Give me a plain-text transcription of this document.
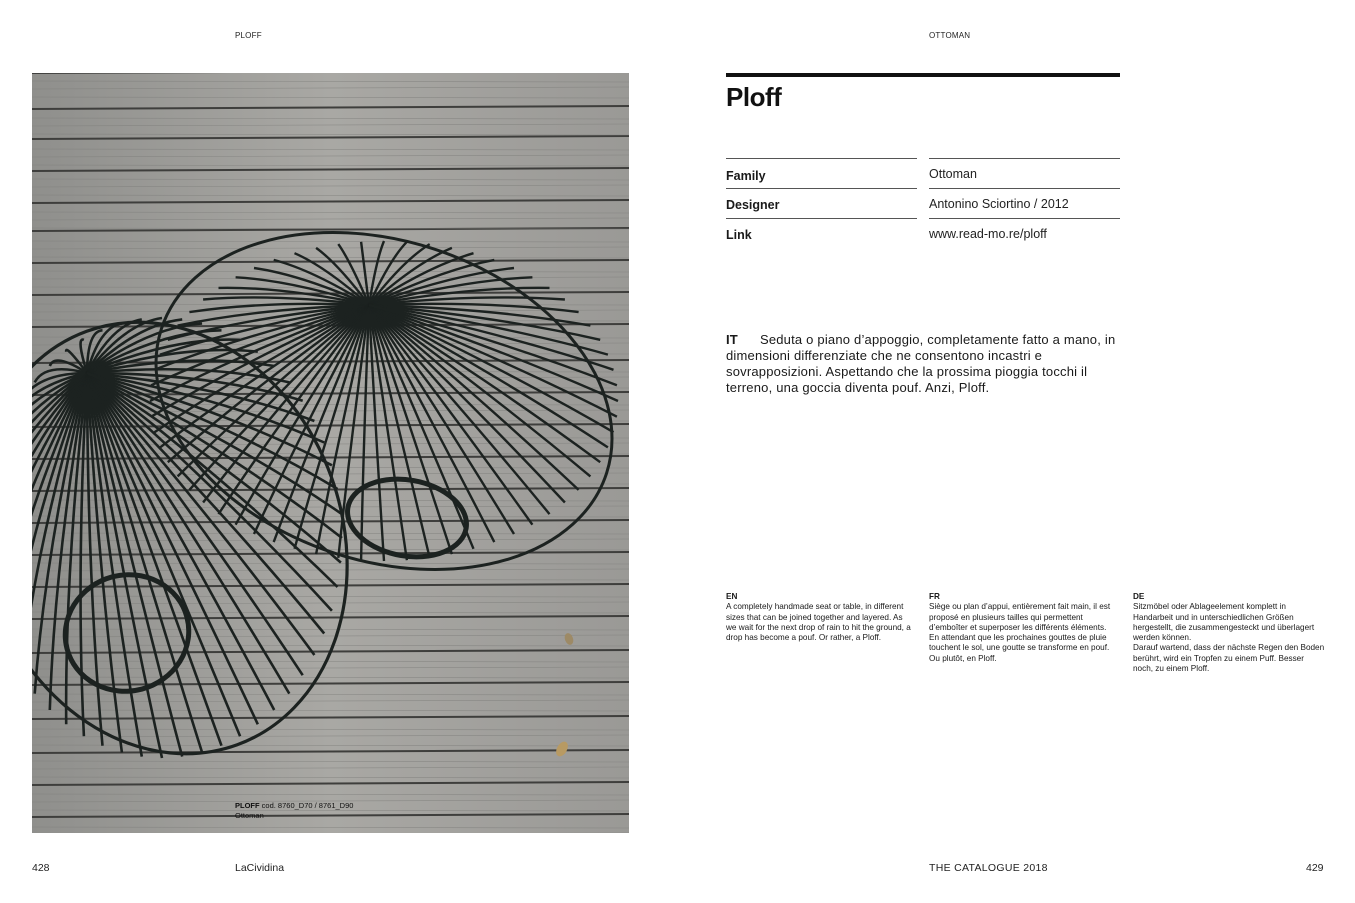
PLOFF	OTTOMAN
PLOFF cod. 8760_D70 / 8761_D90
Ottoman
Ploff
Family	Ottoman
Designer	Antonino Sciortino / 2012
Link	www.read-mo.re/ploff

IT Seduta o piano d’appoggio, completamente fatto a mano, in dimensioni differenziate che ne consentono incastri e sovrapposizioni. Aspettando che la prossima pioggia tocchi il terreno, una goccia diventa pouf. Anzi, Ploff.

EN
A completely handmade seat or table, in different sizes that can be joined together and layered. As we wait for the next drop of rain to hit the ground, a drop has become a pouf. Or rather, a Ploff.
FR
Siège ou plan d’appui, entièrement fait main, il est proposé en plusieurs tailles qui permettent d’emboîter et superposer les différents éléments. En attendant que les prochaines gouttes de pluie touchent le sol, une goutte se transforme en pouf.
Ou plutôt, en Ploff.
DE
Sitzmöbel oder Ablageelement komplett in Handarbeit und in unterschiedlichen Größen hergestellt, die zusammengesteckt und überlagert werden können.
Darauf wartend, dass der nächste Regen den Boden berührt, wird ein Tropfen zu einem Puff. Besser noch, zu einem Ploff.
428	LaCividina	THE CATALOGUE 2018	429
